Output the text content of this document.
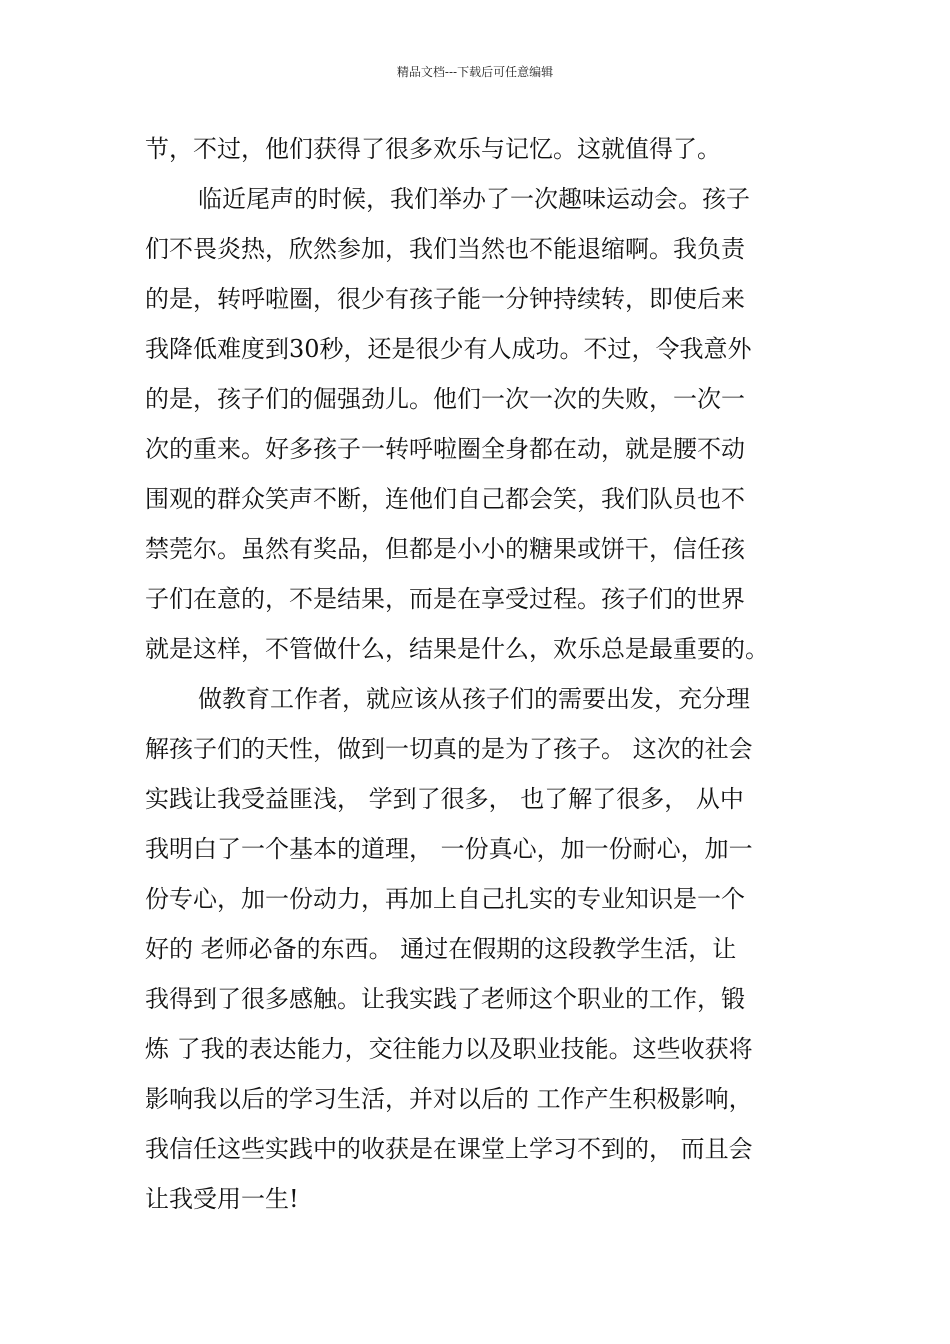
精品文档---下载后可任意编辑
节，不过，他们获得了很多欢乐与记忆。这就值得了。
临近尾声的时候，我们举办了一次趣味运动会。孩子
们不畏炎热，欣然参加，我们当然也不能退缩啊。我负责
的是，转呼啦圈，很少有孩子能一分钟持续转，即使后来
我降低难度到30秒，还是很少有人成功。不过，令我意外
的是，孩子们的倔强劲儿。他们一次一次的失败，一次一
次的重来。好多孩子一转呼啦圈全身都在动，就是腰不动
围观的群众笑声不断，连他们自己都会笑，我们队员也不
禁莞尔。虽然有奖品，但都是小小的糖果或饼干，信任孩
子们在意的，不是结果，而是在享受过程。孩子们的世界
就是这样，不管做什么，结果是什么，欢乐总是最重要的。
做教育工作者，就应该从孩子们的需要出发，充分理
解孩子们的天性，做到一切真的是为了孩子。 这次的社会
实践让我受益匪浅， 学到了很多， 也了解了很多， 从中
我明白了一个基本的道理， 一份真心，加一份耐心，加一
份专心，加一份动力，再加上自己扎实的专业知识是一个
好的 老师必备的东西。 通过在假期的这段教学生活，让
我得到了很多感触。让我实践了老师这个职业的工作，锻
炼 了我的表达能力，交往能力以及职业技能。这些收获将
影响我以后的学习生活，并对以后的 工作产生积极影响，
我信任这些实践中的收获是在课堂上学习不到的， 而且会
让我受用一生!
